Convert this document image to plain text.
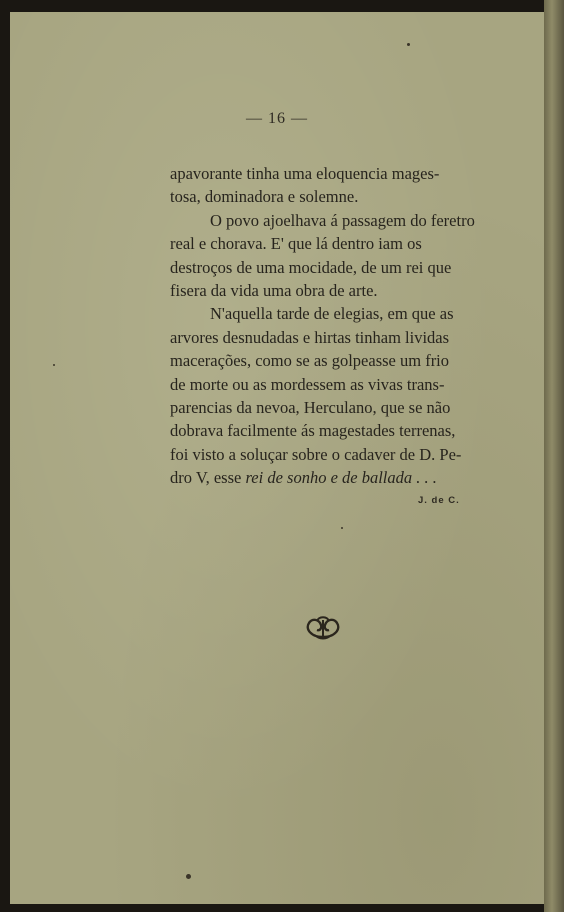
— 16 —

apavorante tinha uma eloquencia mages-
tosa, dominadora e solemne.

O povo ajoelhava á passagem do feretro
real e chorava. E' que lá dentro iam os
destroços de uma mocidade, de um rei que
fisera da vida uma obra de arte.

N'aquella tarde de elegias, em que as
arvores desnudadas e hirtas tinham lividas
macerações, como se as golpeasse um frio
de morte ou as mordessem as vivas trans-
parencias da nevoa, Herculano, que se não
dobrava facilmente ás magestades terrenas,
foi visto a soluçar sobre o cadaver de D. Pe-
dro V, esse rei de sonho e de ballada . . .

J. de C.
